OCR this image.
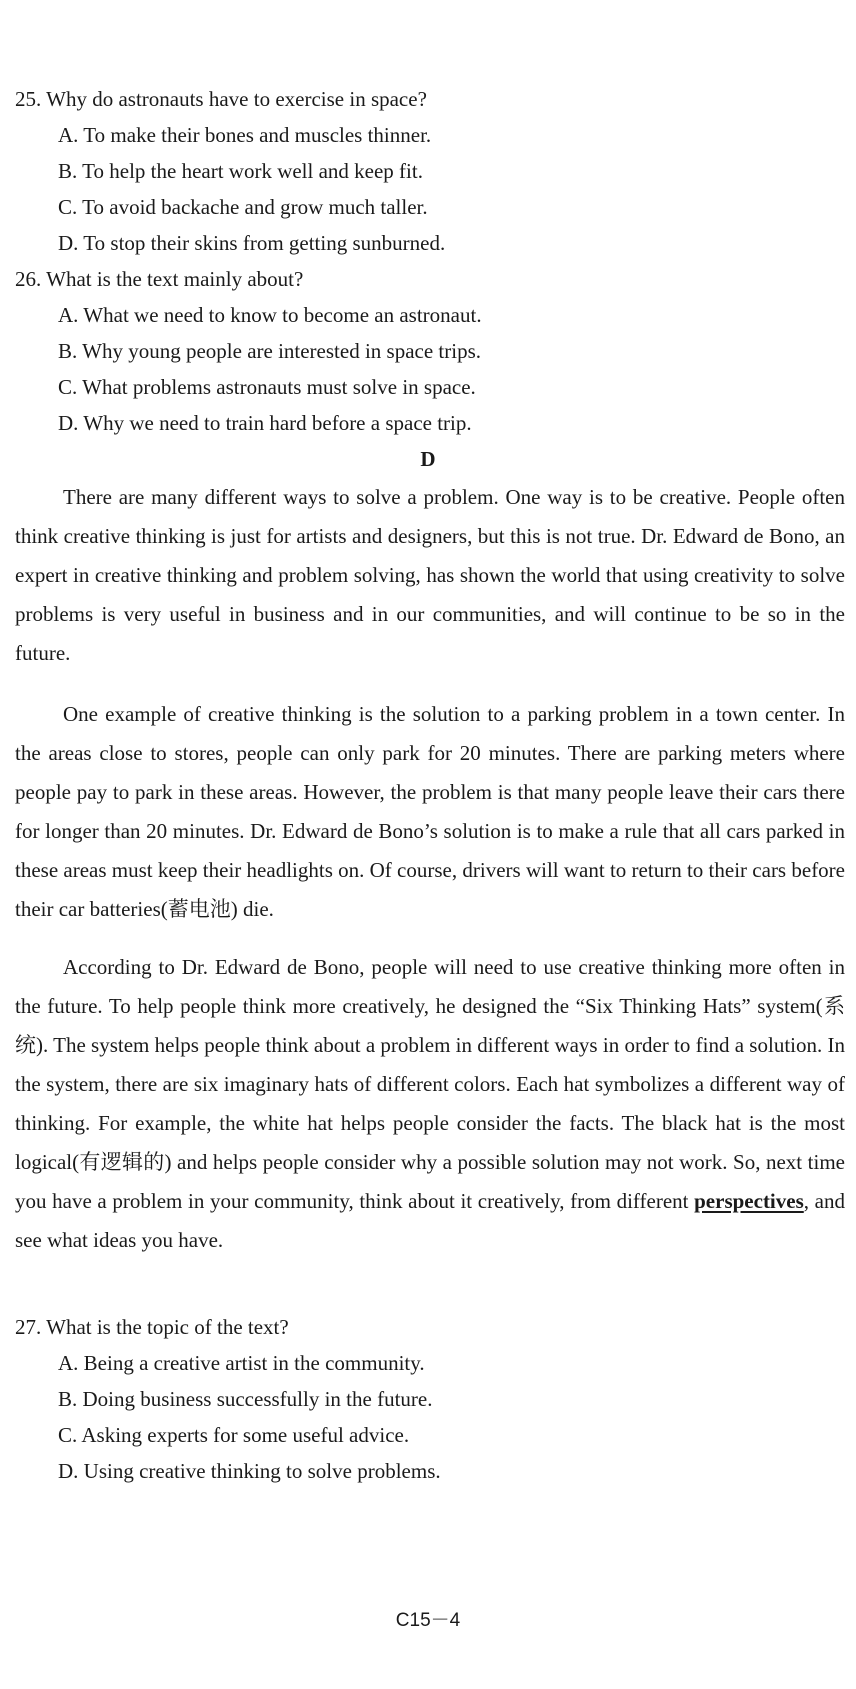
25. Why do astronauts have to exercise in space?
A. To make their bones and muscles thinner.
B. To help the heart work well and keep fit.
C. To avoid backache and grow much taller.
D. To stop their skins from getting sunburned.
26. What is the text mainly about?
A. What we need to know to become an astronaut.
B. Why young people are interested in space trips.
C. What problems astronauts must solve in space.
D. Why we need to train hard before a space trip.
D
There are many different ways to solve a problem. One way is to be creative. People often think creative thinking is just for artists and designers, but this is not true. Dr. Edward de Bono, an expert in creative thinking and problem solving, has shown the world that using creativity to solve problems is very useful in business and in our communities, and will continue to be so in the future.
One example of creative thinking is the solution to a parking problem in a town center. In the areas close to stores, people can only park for 20 minutes. There are parking meters where people pay to park in these areas. However, the problem is that many people leave their cars there for longer than 20 minutes. Dr. Edward de Bono’s solution is to make a rule that all cars parked in these areas must keep their headlights on. Of course, drivers will want to return to their cars before their car batteries(蓄电池) die.
According to Dr. Edward de Bono, people will need to use creative thinking more often in the future. To help people think more creatively, he designed the “Six Thinking Hats” system(系统). The system helps people think about a problem in different ways in order to find a solution. In the system, there are six imaginary hats of different colors. Each hat symbolizes a different way of thinking. For example, the white hat helps people consider the facts. The black hat is the most logical(有逻辑的) and helps people consider why a possible solution may not work. So, next time you have a problem in your community, think about it creatively, from different perspectives, and see what ideas you have.
27. What is the topic of the text?
A. Being a creative artist in the community.
B. Doing business successfully in the future.
C. Asking experts for some useful advice.
D. Using creative thinking to solve problems.
C15－4
